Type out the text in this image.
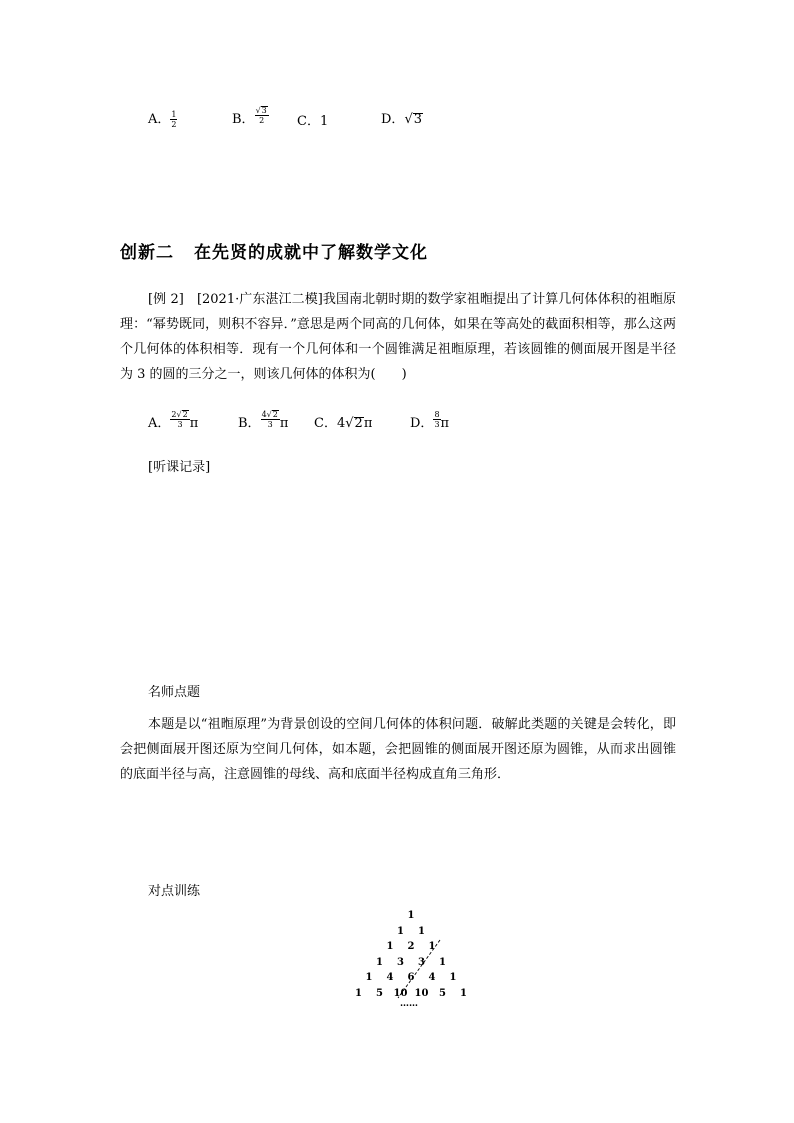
A． $\frac{1}{2}$	B． $\frac{√3}{2}$ C．1	D．√3
创新二 在先贤的成就中了解数学文化

[例 2]　[2021·广东湛江二模]我国南北朝时期的数学家祖暅提出了计算几何体体积的祖暅原理：“幂势既同，则积不容异．”意思是两个同高的几何体，如果在等高处的截面积相等，那么这两个几何体的体积相等．现有一个几何体和一个圆锥满足祖暅原理，若该圆锥的侧面展开图是半径为 3 的圆的三分之一，则该几何体的体积为(　　)

A． $\frac{2√2}{3}$ π	B． $\frac{4√2}{3}$ π C．4√2π	D． $\frac{8}{3}$ π
[听课记录]
名师点题

本题是以“祖暅原理”为背景创设的空间几何体的体积问题．破解此类题的关键是会转化，即会把侧面展开图还原为空间几何体，如本题，会把圆锥的侧面展开图还原为圆锥，从而求出圆锥的底面半径与高，注意圆锥的母线、高和底面半径构成直角三角形．

对点训练
1
1 1
1 2 1
1 3 3 1
1 4 6 4 1
1 5 10 10 5 1
……
